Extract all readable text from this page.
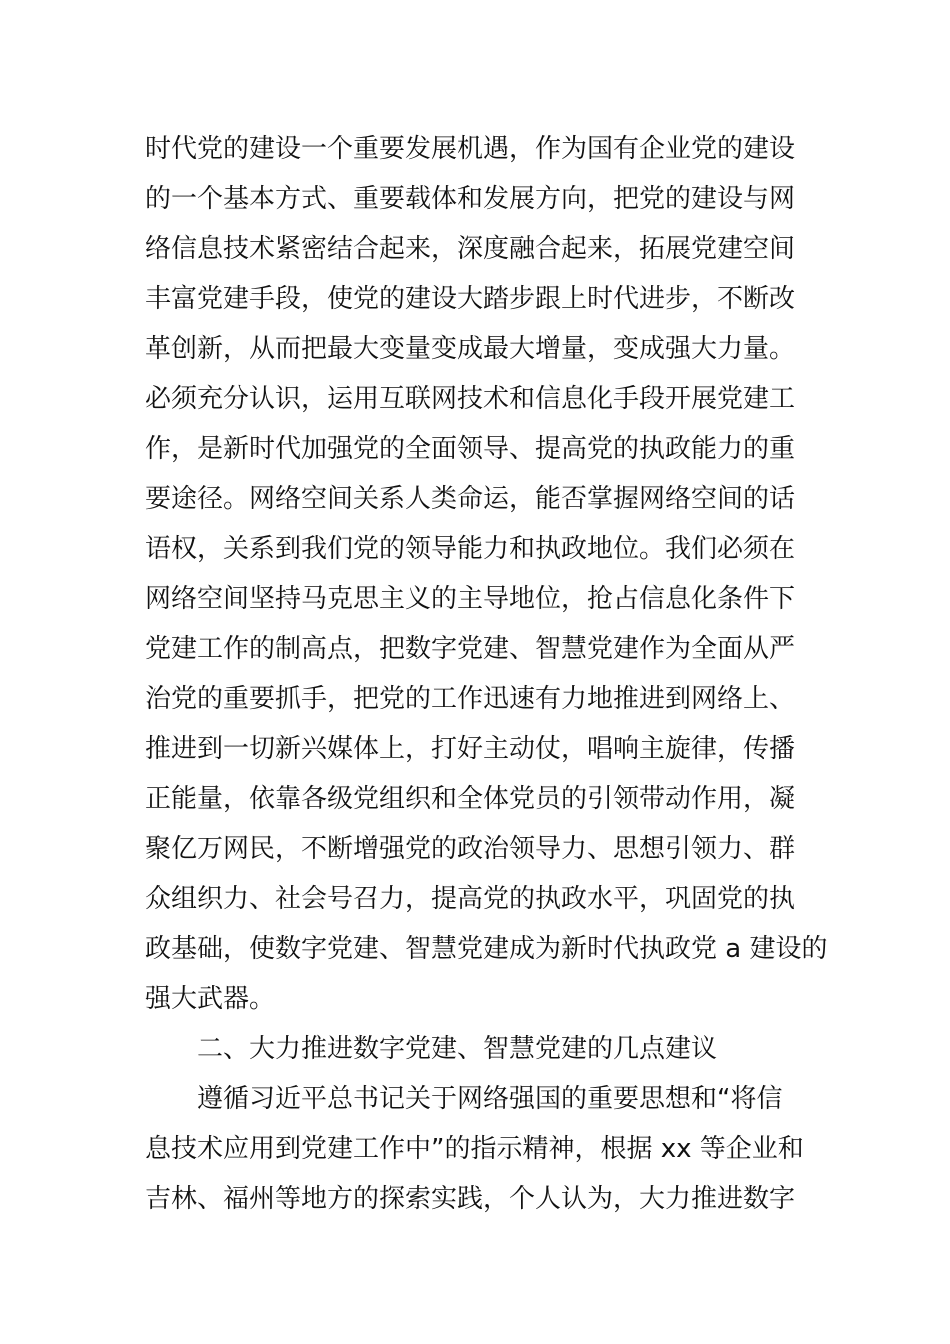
时代党的建设一个重要发展机遇，作为国有企业党的建设
的一个基本方式、重要载体和发展方向，把党的建设与网
络信息技术紧密结合起来，深度融合起来，拓展党建空间
丰富党建手段，使党的建设大踏步跟上时代进步，不断改
革创新，从而把最大变量变成最大增量，变成强大力量。
必须充分认识，运用互联网技术和信息化手段开展党建工
作，是新时代加强党的全面领导、提高党的执政能力的重
要途径。网络空间关系人类命运，能否掌握网络空间的话
语权，关系到我们党的领导能力和执政地位。我们必须在
网络空间坚持马克思主义的主导地位，抢占信息化条件下
党建工作的制高点，把数字党建、智慧党建作为全面从严
治党的重要抓手，把党的工作迅速有力地推进到网络上、
推进到一切新兴媒体上，打好主动仗，唱响主旋律，传播
正能量，依靠各级党组织和全体党员的引领带动作用，凝
聚亿万网民，不断增强党的政治领导力、思想引领力、群
众组织力、社会号召力，提高党的执政水平，巩固党的执
政基础，使数字党建、智慧党建成为新时代执政党 a 建设的
强大武器。
二、大力推进数字党建、智慧党建的几点建议
遵循习近平总书记关于网络强国的重要思想和“将信
息技术应用到党建工作中”的指示精神，根据 xx 等企业和
吉林、福州等地方的探索实践，个人认为，大力推进数字
